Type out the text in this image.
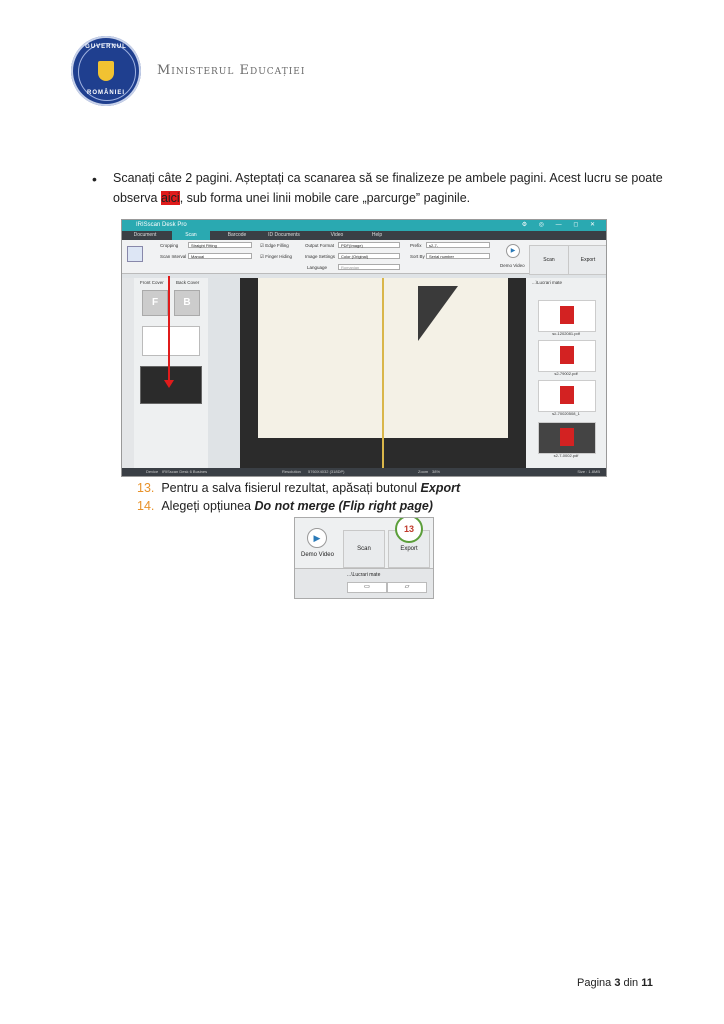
GUVERNUL
ROMÂNIEI
Ministerul Educației
• Scanați câte 2 pagini. Așteptați ca scanarea să se finalizeze pe ambele pagini. Acest lucru se poate
observa aici, sub forma unei linii mobile care „parcurge” paginile.
IRISscan Desk Pro	⚙ ◎ — ◻ ✕
Document	Scan	Barcode	ID Documents	Video	Help
Cropping	Straight Fitting
Scan Interval	Manual
☑ Edge Filling
☑ Finger Hiding
Output Format	PDF(Image)
Image Settings	Color (Original)
Language	Romanian
Prefix	s2-7-
Sort By	Serial number
▶
Demo Video
Scan	Export
Front Cover	Back Cover
F	B
...\Lucrari mate
sc-1202081.pdf
s2-79002.pdf
s2-70020508_1
s2-7-0002.pdf
Device IRISscan Desk 6 Busines	Resolution 5760X4032 (318DP)	Zoom 38%	Size : 1.8MB
13. Pentru a salva fisierul rezultat, apăsați butonul Export
14. Alegeți opțiunea Do not merge (Flip right page)
▶
Demo Video
Scan	Export
13
...\Lucrari mate
▭	▱
Pagina 3 din 11
